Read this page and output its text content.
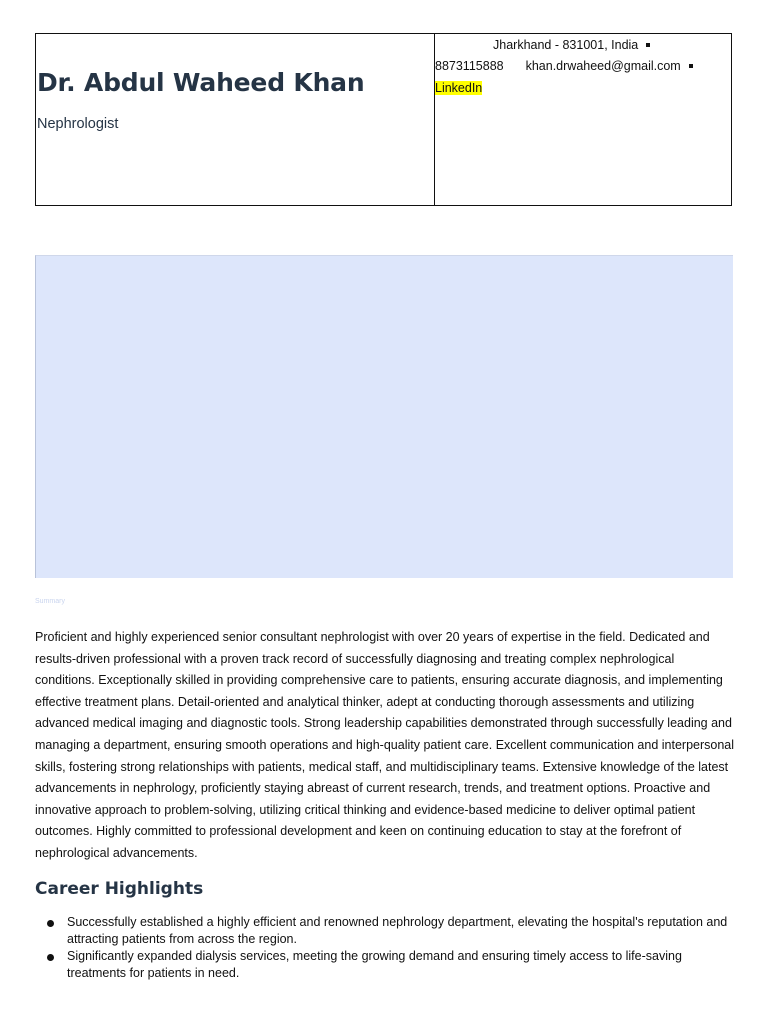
Dr. Abdul Waheed Khan
Nephrologist
Jharkhand - 831001, India
8873115888 khan.drwaheed@gmail.com
LinkedIn
Summary
Proficient and highly experienced senior consultant nephrologist with over 20 years of expertise in the field. Dedicated and results-driven professional with a proven track record of successfully diagnosing and treating complex nephrological conditions. Exceptionally skilled in providing comprehensive care to patients, ensuring accurate diagnosis, and implementing effective treatment plans. Detail-oriented and analytical thinker, adept at conducting thorough assessments and utilizing advanced medical imaging and diagnostic tools. Strong leadership capabilities demonstrated through successfully leading and managing a department, ensuring smooth operations and high-quality patient care. Excellent communication and interpersonal skills, fostering strong relationships with patients, medical staff, and multidisciplinary teams. Extensive knowledge of the latest advancements in nephrology, proficiently staying abreast of current research, trends, and treatment options. Proactive and innovative approach to problem-solving, utilizing critical thinking and evidence-based medicine to deliver optimal patient outcomes. Highly committed to professional development and keen on continuing education to stay at the forefront of nephrological advancements.
Career Highlights
Successfully established a highly efficient and renowned nephrology department, elevating the hospital's reputation and attracting patients from across the region.
Significantly expanded dialysis services, meeting the growing demand and ensuring timely access to life-saving treatments for patients in need.
